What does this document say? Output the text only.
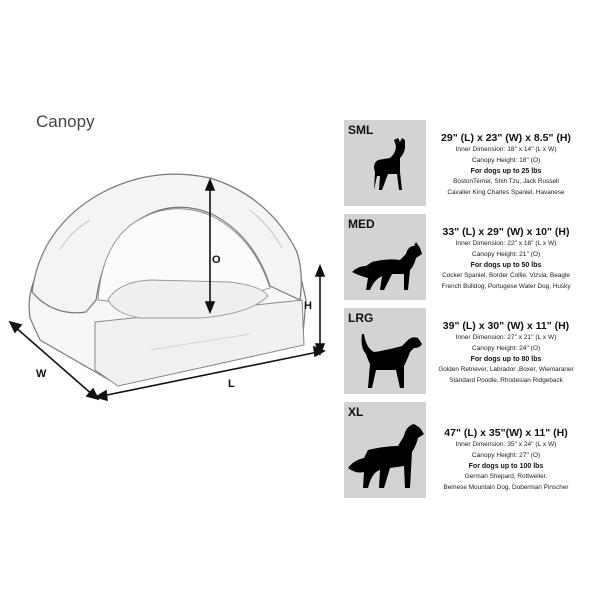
Canopy
O
H
W
L
SML
29" (L) x 23" (W) x 8.5" (H)
Inner Dimension: 18" x 14" (L x W)
Canopy Height: 18" (O)
For dogs up to 25 lbs
BostonTerrier, Shih Tzu, Jack Russell
Cavalier King Charles Spaniel, Havanese
MED
33" (L) x 29" (W) x 10" (H)
Inner Dimension: 22" x 18" (L x W)
Canopy Height: 21" (O)
For dogs up to 50 lbs
Cocker Spaniel, Border Collie, Vizsla, Beagle
French Bulldog, Portugese Water Dog, Husky
LRG
39" (L) x 30" (W) x 11" (H)
Inner Dimension: 27" x 21" (L x W)
Canopy Height: 24" (O)
For dogs up to 80 lbs
Golden Retriever, Labrador ,Boxer, Wiemaraner
Standard Poodle, Rhodesian Ridgeback
XL
47" (L) x 35"(W) x 11" (H)
Inner Dimension: 35" x 24" (L x W)
Canopy Height: 27" (O)
For dogs up to 100 lbs
German Shepard, Rottweiler,
Bemese Mountain Dog, Doberman Pinscher
